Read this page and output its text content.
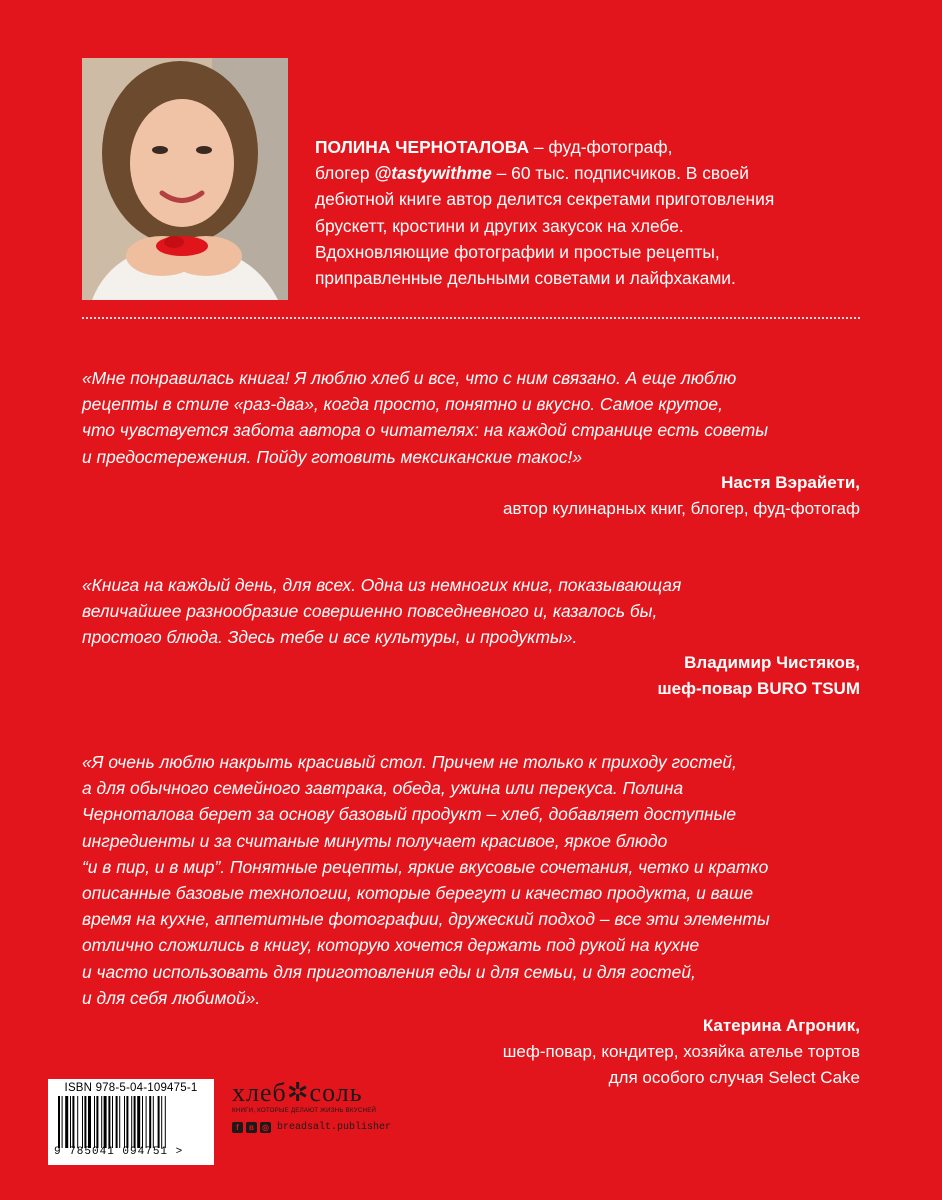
ПОЛИНА ЧЕРНОТАЛОВА – фуд-фотограф,
блогер @tastywithme – 60 тыс. подписчиков. В своей
дебютной книге автор делится секретами приготовления
брускетт, кростини и других закусок на хлебе.
Вдохновляющие фотографии и простые рецепты,
приправленные дельными советами и лайфхаками.

«Мне понравилась книга! Я люблю хлеб и все, что с ним связано. А еще люблю

рецепты в стиле «раз-два», когда просто, понятно и вкусно. Самое крутое,

что чувствуется забота автора о читателях: на каждой странице есть советы

и предостережения. Пойду готовить мексиканские такос!»

Настя Вэрайети,
автор кулинарных книг, блогер, фуд-фотогаф

«Книга на каждый день, для всех. Одна из немногих книг, показывающая

величайшее разнообразие совершенно повседневного и, казалось бы,

простого блюда. Здесь тебе и все культуры, и продукты».

Владимир Чистяков,
шеф-повар BURO TSUM

«Я очень люблю накрыть красивый стол. Причем не только к приходу гостей,

а для обычного семейного завтрака, обеда, ужина или перекуса. Полина

Черноталова берет за основу базовый продукт – хлеб, добавляет доступные

ингредиенты и за считаные минуты получает красивое, яркое блюдо

“и в пир, и в мир”. Понятные рецепты, яркие вкусовые сочетания, четко и кратко

описанные базовые технологии, которые берегут и качество продукта, и ваше

время на кухне, аппетитные фотографии, дружеский подход – все эти элементы

отлично сложились в книгу, которую хочется держать под рукой на кухне

и часто использовать для приготовления еды и для семьи, и для гостей,

и для себя любимой».

Катерина Агроник,
шеф-повар, кондитер, хозяйка ателье тортов
для особого случая Select Cake
ISBN 978-5-04-109475-1
9 785041 094751 >
хлеб✲соль
КНИГИ, КОТОРЫЕ ДЕЛАЮТ ЖИЗНЬ ВКУСНЕЙ
f	в	◎ breadsalt.publisher
